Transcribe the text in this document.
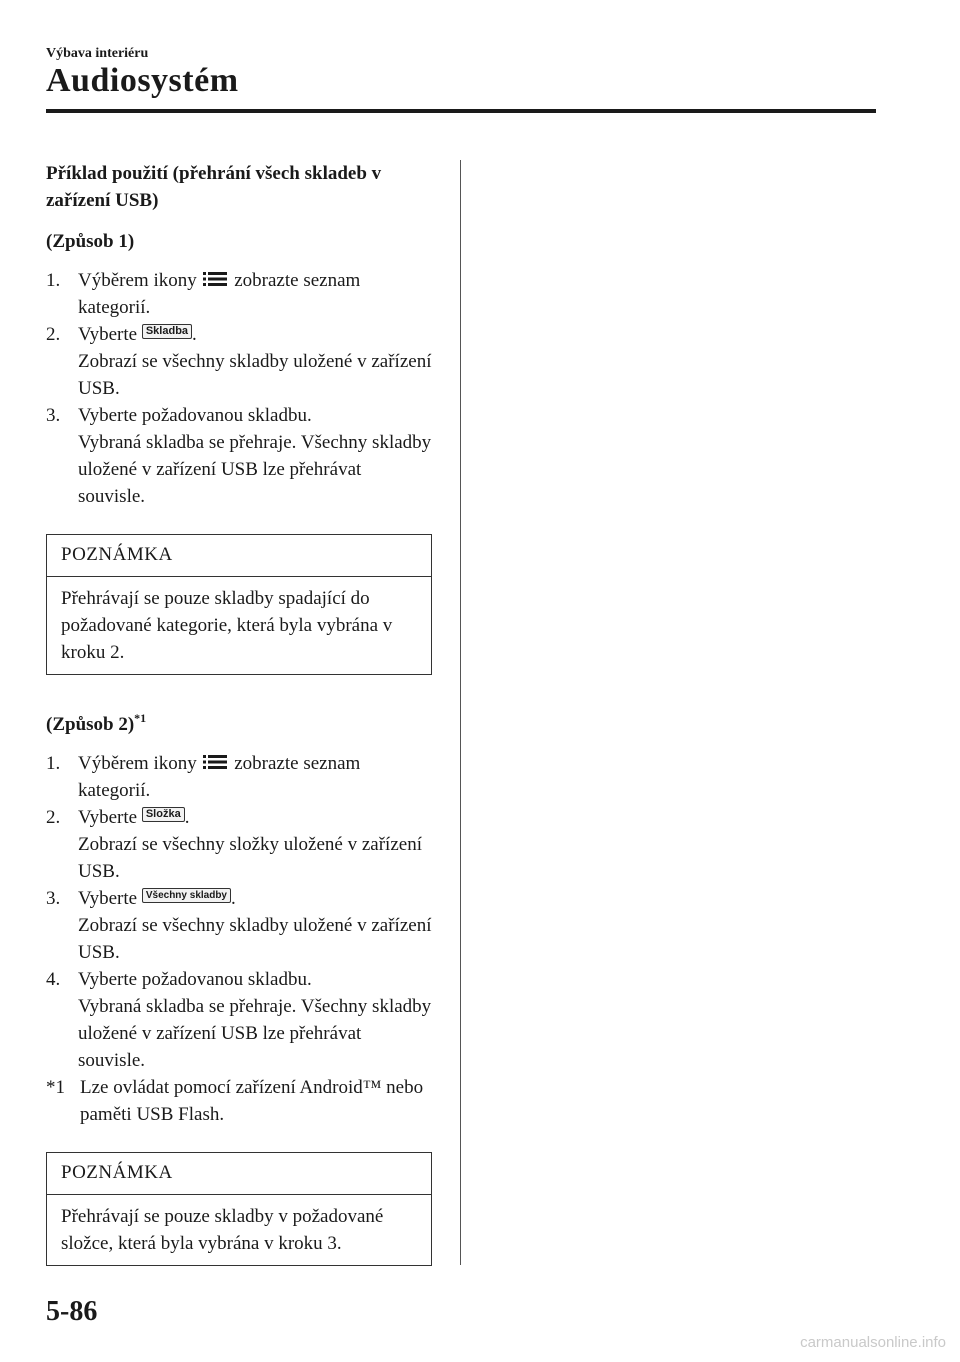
Výbava interiéru
Audiosystém
Příklad použití (přehrání všech skladeb v zařízení USB)
(Způsob 1)
1. Výběrem ikony zobrazte seznam kategorií.
2. Vyberte Skladba .
Zobrazí se všechny skladby uložené v zařízení USB.
3. Vyberte požadovanou skladbu.
Vybraná skladba se přehraje. Všechny skladby uložené v zařízení USB lze přehrávat souvisle.
POZNÁMKA
Přehrávají se pouze skladby spadající do požadované kategorie, která byla vybrána v kroku 2.
(Způsob 2)$^{*1}$
1. Výběrem ikony zobrazte seznam kategorií.
2. Vyberte Složka .
Zobrazí se všechny složky uložené v zařízení USB.
3. Vyberte Všechny skladby .
Zobrazí se všechny skladby uložené v zařízení USB.
4. Vyberte požadovanou skladbu.
Vybraná skladba se přehraje. Všechny skladby uložené v zařízení USB lze přehrávat souvisle.
*1 Lze ovládat pomocí zařízení Android™ nebo paměti USB Flash.
POZNÁMKA
Přehrávají se pouze skladby v požadované složce, která byla vybrána v kroku 3.
5-86
carmanualsonline.info
